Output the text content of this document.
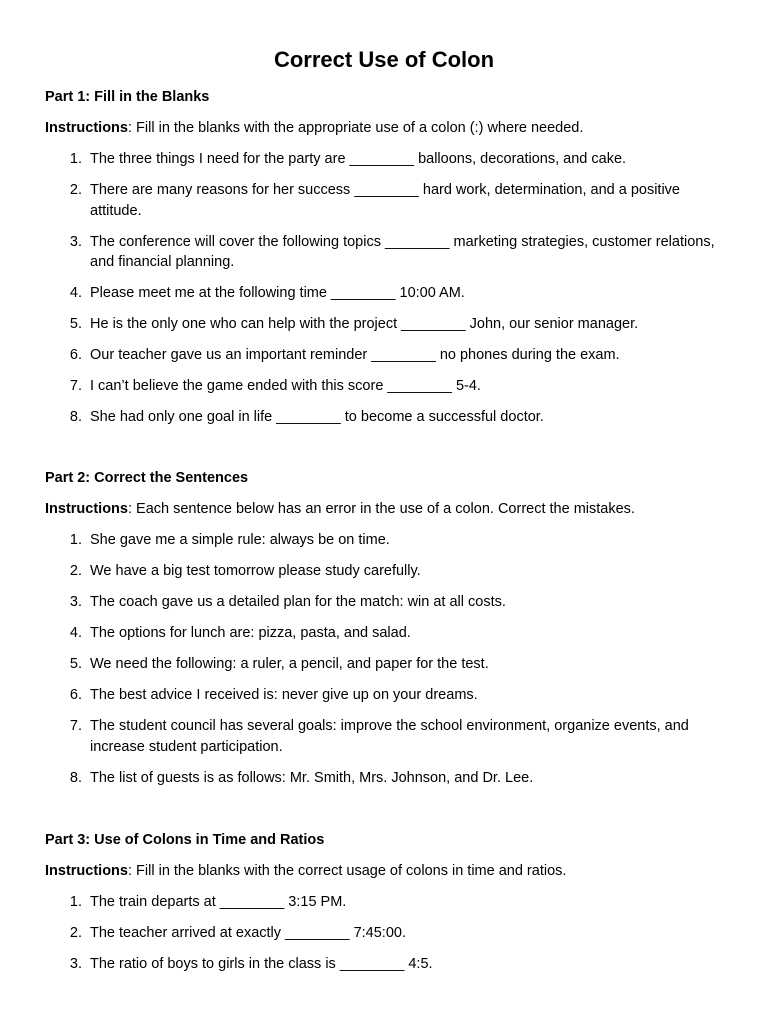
Correct Use of Colon
Part 1: Fill in the Blanks

Instructions: Fill in the blanks with the appropriate use of a colon (:) where needed.

1. The three things I need for the party are ________ balloons, decorations, and cake.
2. There are many reasons for her success ________ hard work, determination, and a positive attitude.
3. The conference will cover the following topics ________ marketing strategies, customer relations, and financial planning.
4. Please meet me at the following time ________ 10:00 AM.
5. He is the only one who can help with the project ________ John, our senior manager.
6. Our teacher gave us an important reminder ________ no phones during the exam.
7. I can’t believe the game ended with this score ________ 5-4.
8. She had only one goal in life ________ to become a successful doctor.
Part 2: Correct the Sentences

Instructions: Each sentence below has an error in the use of a colon. Correct the mistakes.

1. She gave me a simple rule: always be on time.
2. We have a big test tomorrow please study carefully.
3. The coach gave us a detailed plan for the match: win at all costs.
4. The options for lunch are: pizza, pasta, and salad.
5. We need the following: a ruler, a pencil, and paper for the test.
6. The best advice I received is: never give up on your dreams.
7. The student council has several goals: improve the school environment, organize events, and increase student participation.
8. The list of guests is as follows: Mr. Smith, Mrs. Johnson, and Dr. Lee.
Part 3: Use of Colons in Time and Ratios

Instructions: Fill in the blanks with the correct usage of colons in time and ratios.

1. The train departs at ________ 3:15 PM.
2. The teacher arrived at exactly ________ 7:45:00.
3. The ratio of boys to girls in the class is ________ 4:5.
